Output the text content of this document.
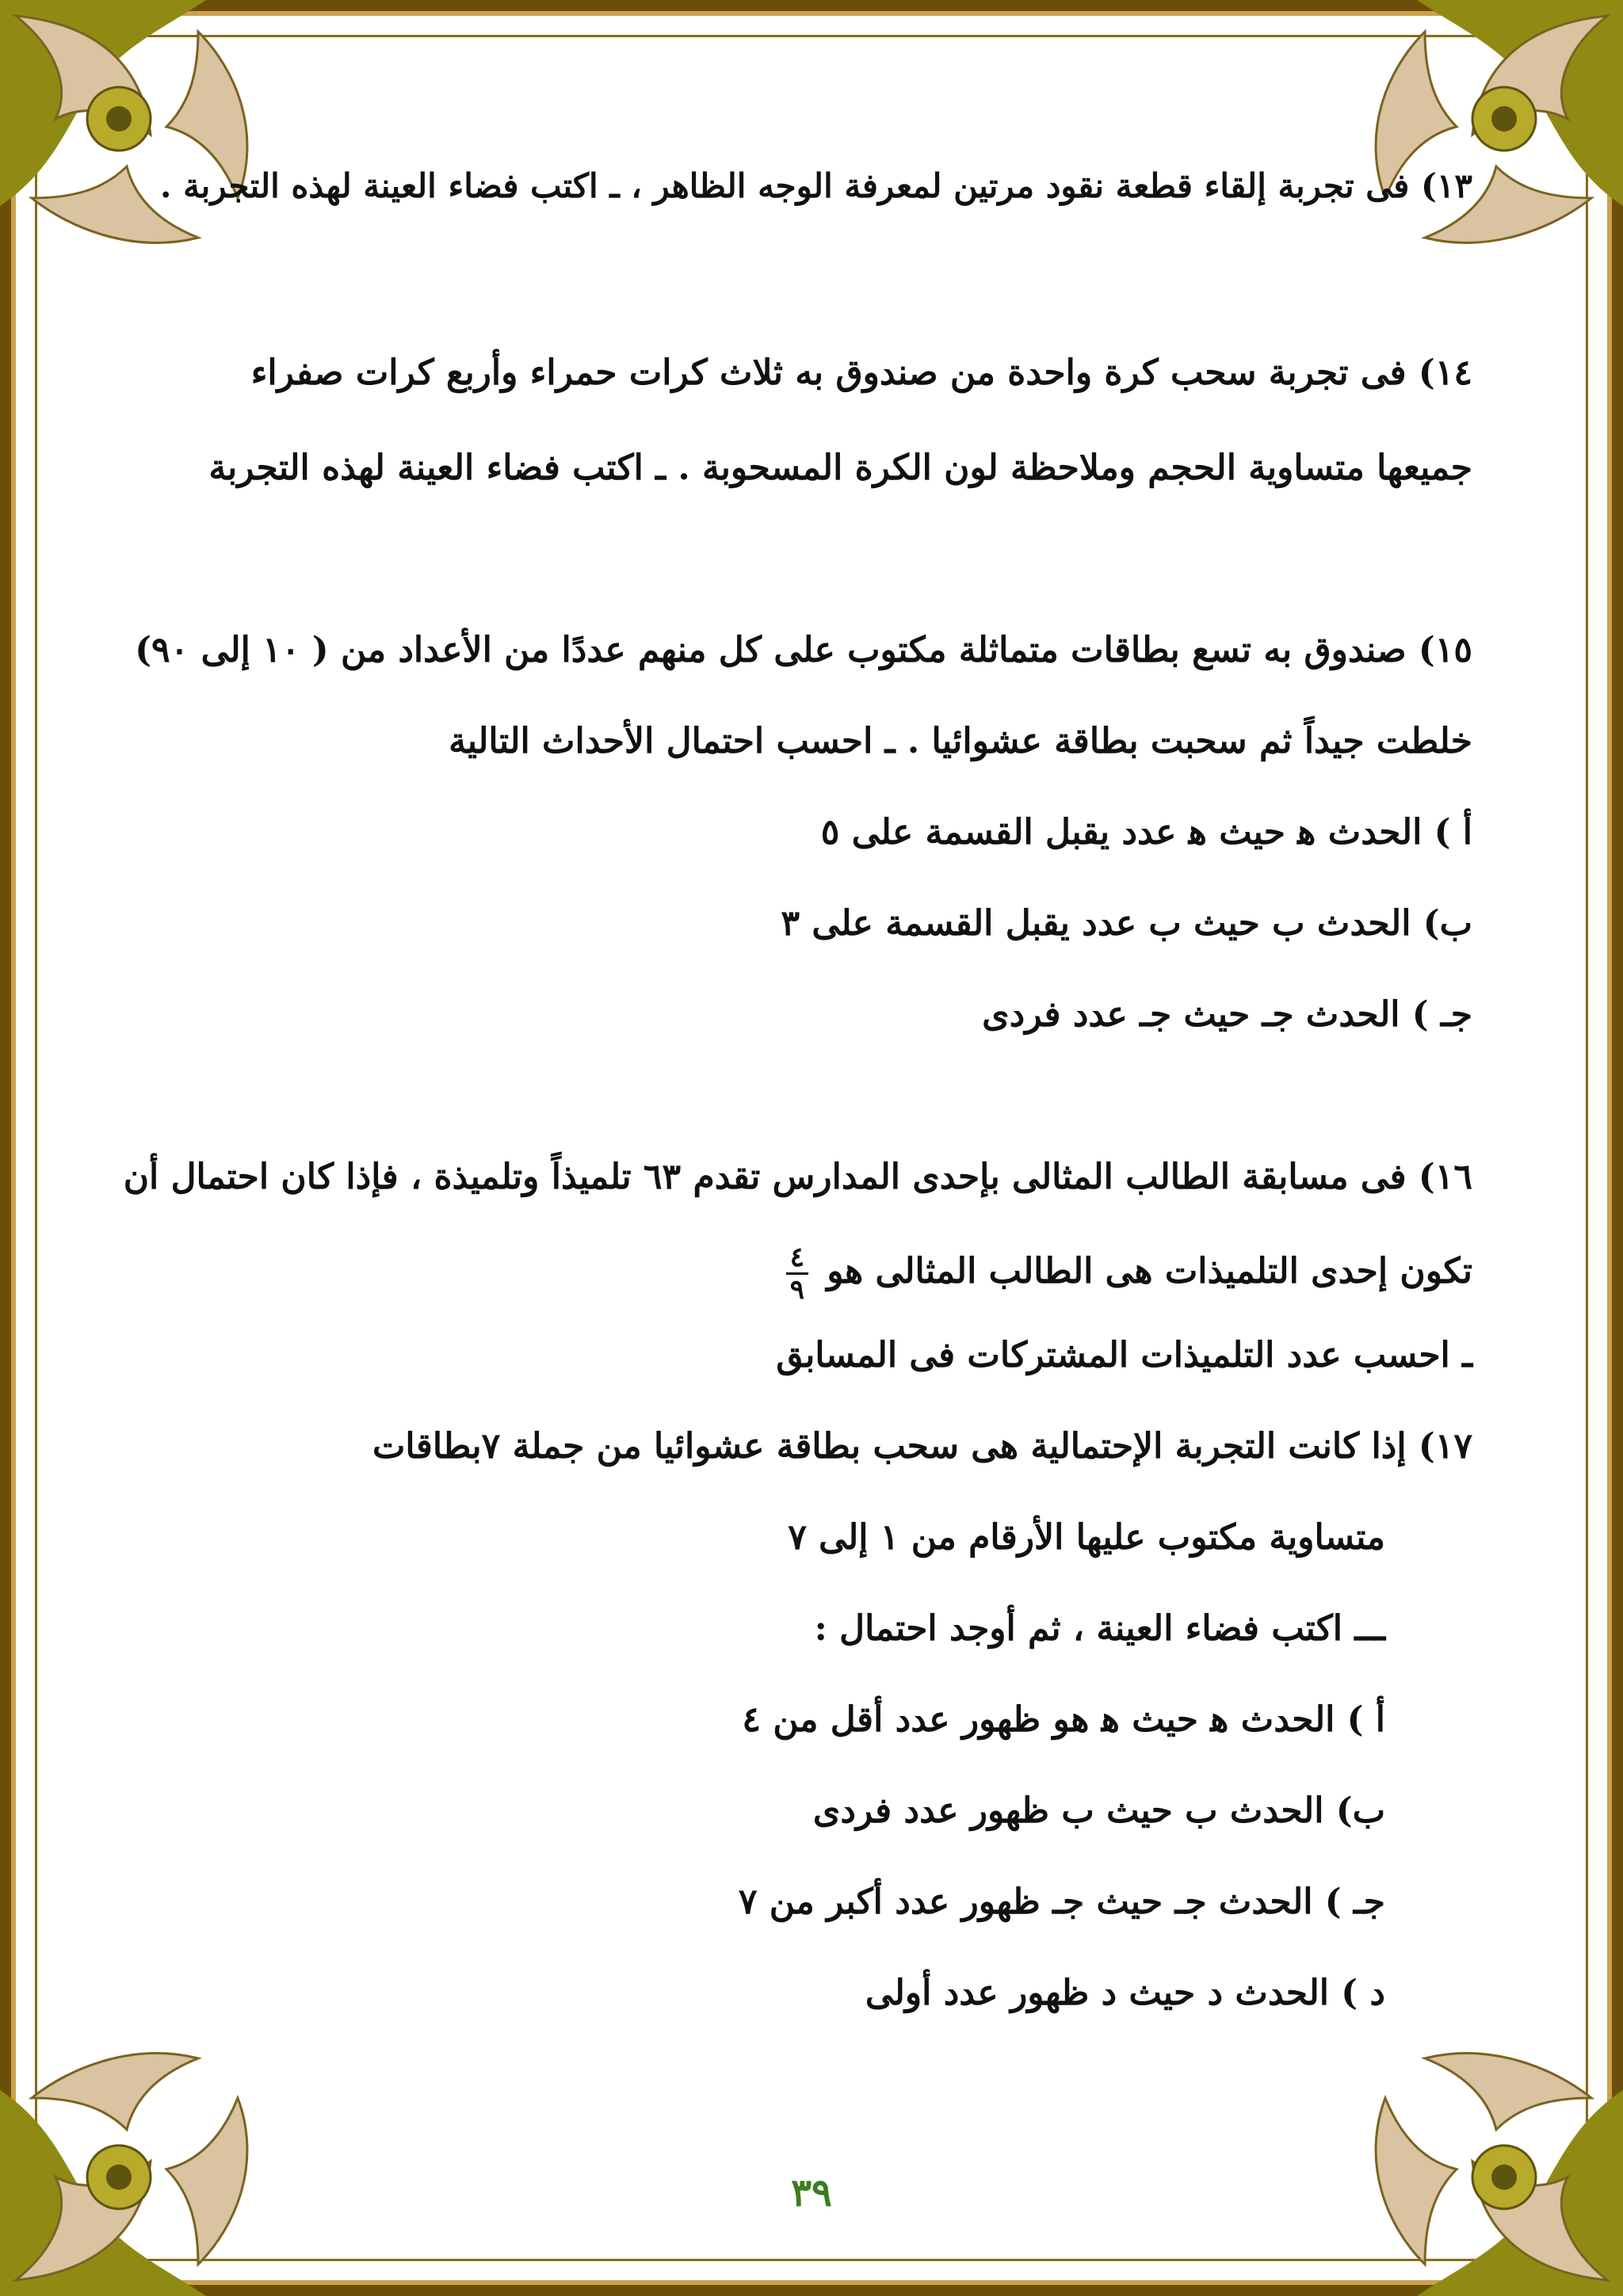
١٣) فى تجربة إلقاء قطعة نقود مرتين لمعرفة الوجه الظاهر ، ـ اكتب فضاء العينة لهذه التجربة .
١٤) فى تجربة سحب كرة واحدة من صندوق به ثلاث كرات حمراء وأربع كرات صفراء
جميعها متساوية الحجم وملاحظة لون الكرة المسحوبة . ـ اكتب فضاء العينة لهذه التجربة
١٥) صندوق به تسع بطاقات متماثلة مكتوب على كل منهم عددًا من الأعداد من ( ١٠ إلى ٩٠)
خلطت جيداً ثم سحبت بطاقة عشوائيا . ـ احسب احتمال الأحداث التالية
أ ) الحدث ﻫ حيث ﻫ عدد يقبل القسمة على ٥
ب) الحدث ب حيث ب عدد يقبل القسمة على ٣
جـ ) الحدث جـ حيث جـ عدد فردى
١٦) فى مسابقة الطالب المثالى بإحدى المدارس تقدم ٦٣ تلميذاً وتلميذة ، فإذا كان احتمال أن
تكون إحدى التلميذات هى الطالب المثالى هو
$\frac{٤}{٩}$
ـ احسب عدد التلميذات المشتركات فى المسابق
١٧) إذا كانت التجربة الإحتمالية هى سحب بطاقة عشوائيا من جملة ٧بطاقات
متساوية مكتوب عليها الأرقام من ١ إلى ٧
ـــ اكتب فضاء العينة ، ثم أوجد احتمال :
أ ) الحدث ﻫ حيث ﻫ هو ظهور عدد أقل من ٤
ب) الحدث ب حيث ب ظهور عدد فردى
جـ ) الحدث جـ حيث جـ ظهور عدد أكبر من ٧
د ) الحدث د حيث د ظهور عدد أولى
٣٩
